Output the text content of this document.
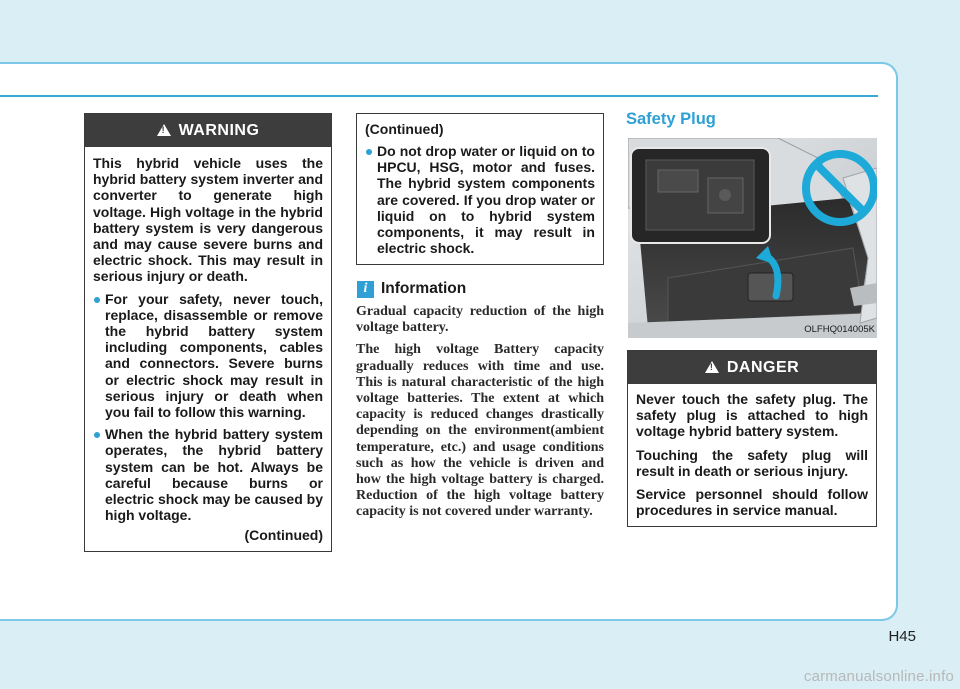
!
WARNING

This hybrid vehicle uses the hybrid battery system inverter and converter to generate high voltage. High voltage in the hybrid battery system is very dangerous and may cause severe burns and electric shock. This may result in serious injury or death.

For your safety, never touch, replace, disassemble or remove the hybrid battery system including components, cables and connectors. Severe burns or electric shock may result in serious injury or death when you fail to follow this warning.
When the hybrid battery system operates, the hybrid battery system can be hot. Always be careful because burns or electric shock may be caused by high voltage.
(Continued)
(Continued)
Do not drop water or liquid on to HPCU, HSG, motor and fuses. The hybrid system components are covered. If you drop water or liquid on to hybrid system components, it may result in electric shock.
i Information

Gradual capacity reduction of the high voltage battery.

The high voltage Battery capacity gradually reduces with time and use. This is natural characteristic of the high voltage batteries. The extent at which capacity is reduced changes drastically depending on the environment(ambient temperature, etc.) and usage conditions such as how the vehicle is driven and how the high voltage battery is charged. Reduction of the high voltage battery capacity is not covered under warranty.

Safety Plug
OLFHQ014005K
!
DANGER

Never touch the safety plug. The safety plug is attached to high voltage hybrid battery system.

Touching the safety plug will result in death or serious injury.

Service personnel should follow procedures in service manual.

H45
carmanualsonline.info
